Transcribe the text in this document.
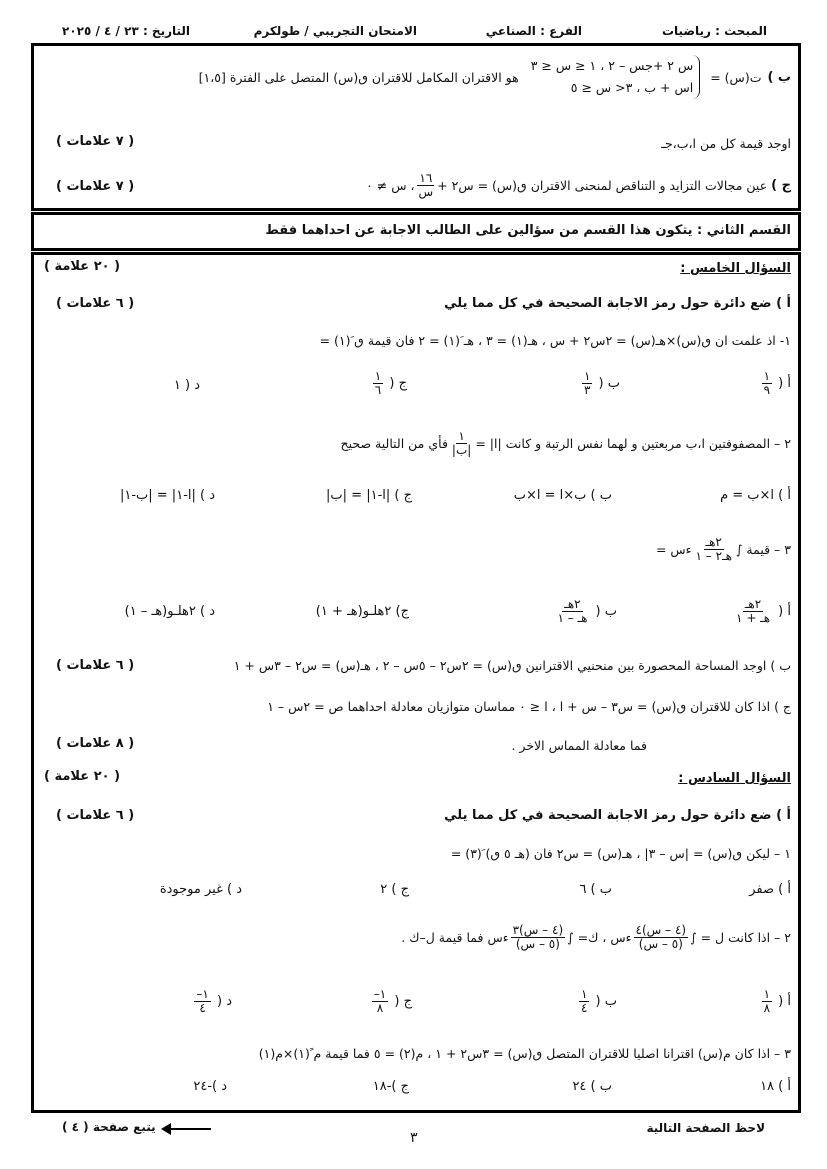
المبحث : رياضيات
الفرع : الصناعي
الامتحان التجريبي / طولكرم
التاريخ : ٢٣ / ٤ / ٢٠٢٥
ب )
ت(س) =
س ٢ +جس – ٢ ، ١ ≤ س ≤ ٣
اس + ب ، ٣< س ≤ ٥
هو الاقتران المكامل للاقتران ٯ(س) المتصل على الفترة [١،٥]
اوجد قيمة كل من ا،ب،جـ
( ٧ علامات )
ج )
عين مجالات التزايد و التناقص لمنحنى الاقتران ٯ(س) = س٢ +
$\frac{١٦}{\text{س}}$
، س ≠ ٠
( ٧ علامات )
القسم الثاني : يتكون هذا القسم من سؤالين على الطالب الاجابة عن احداهما فقط
السؤال الخامس :
( ٢٠ علامة )
أ ) ضع دائرة حول رمز الاجابة الصحيحة في كل مما يلي
( ٦ علامات )
١- اذ علمت ان ٯ(س)×هـ(س) = ٢س٢ + س ، هـ(١) = ٣ ، هـ َ(١) = ٢ فان قيمة ٯ َ(١) =
أ (
$\frac{١}{٩}$
ب (
$\frac{١}{٣}$
ج (
$\frac{١}{٦}$
د ( ١
٢ – المصفوفتين ا،ب مربعتين و لهما نفس الرتبة و كانت |ا| =
$\frac{١}{\text{|ب|}}$
فأي من التالية صحيح
أ ) ا×ب = م
ب ) ب×ا = ا×ب
ج ) |ا-١| = |ب|
د ) |ا-١| = |ب-١|
٣ – قيمة ∫
$\frac{\text{٢هـ}}{\text{هـ٢ – ١}}$
ءس =
أ (
$\frac{\text{٢هـ}}{\text{هـ + ١}}$
ب (
$\frac{\text{٢هـ}}{\text{هـ – ١}}$
ج) ٢هلـو(هـ + ١)
د ) ٢هلـو(هـ – ١)
ب ) اوجد المساحة المحصورة بين منحنيي الاقترانين ٯ(س) = ٢س٢ – ٥س – ٢ ، هـ(س) = س٢ – ٣س + ١
( ٦ علامات )
ج ) اذا كان للاقتران ٯ(س) = س٣ – س + ا ، ا ≤ ٠ مماسان متوازيان معادلة احداهما ص = ٢س – ١
فما معادلة المماس الاخر .
( ٨ علامات )
السؤال السادس :
( ٢٠ علامة )
أ ) ضع دائرة حول رمز الاجابة الصحيحة في كل مما يلي
( ٦ علامات )
١ – ليكن ٯ(س) = |س – ٣| ، هـ(س) = س٢ فان (هـ ٥ ٯ) َ(٣) =
أ ) صفر
ب ) ٦
ج ) ٢
د ) غير موجودة
٢ – اذا كانت ل = ∫
$\frac{\text{(٤ – س)٤}}{\text{(٥ – س)}}$
ءس ، ك= ∫
$\frac{\text{(٤ – س)٣}}{\text{(٥ – س)}}$
ءس فما قيمة ل–ك .
أ (
$\frac{١}{٨}$
ب (
$\frac{١}{٤}$
ج (
$\frac{١-}{٨}$
د (
$\frac{١-}{٤}$
٣ – اذا كان م(س) اقترانا اصليا للاقتران المتصل ٯ(س) = ٣س٢ + ١ ، م(٢) = ٥ فما قيمة م ً(١)×م(١)
أ ) ١٨
ب ) ٢٤
ج )-١٨
د )-٢٤
لاحظ الصفحة التالية
٣
يتبع صفحة ( ٤ )
